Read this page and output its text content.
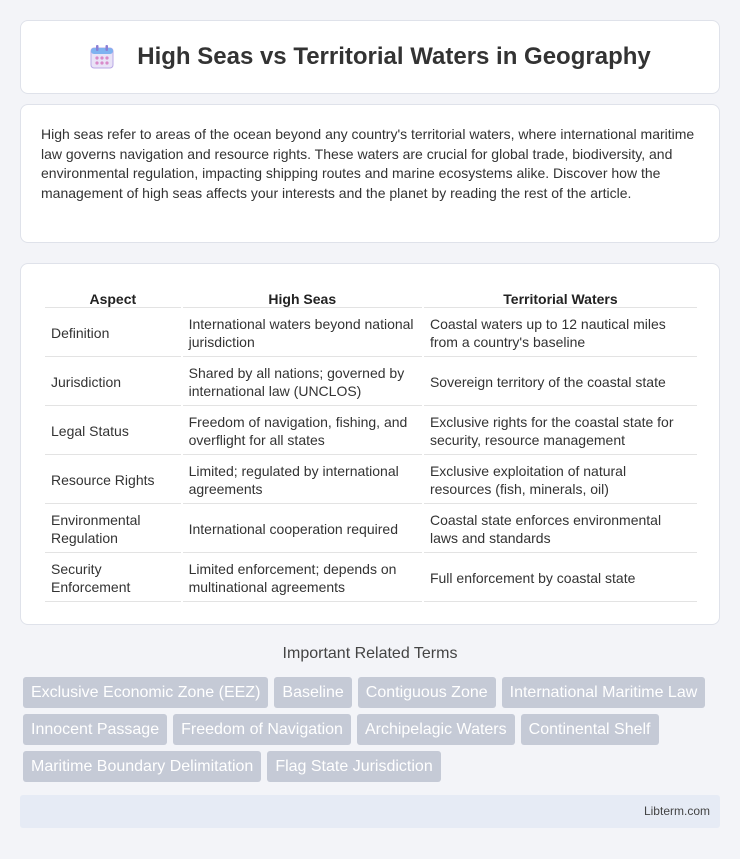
High Seas vs Territorial Waters in Geography

High seas refer to areas of the ocean beyond any country's territorial waters, where international maritime law governs navigation and resource rights. These waters are crucial for global trade, biodiversity, and environmental regulation, impacting shipping routes and marine ecosystems alike. Discover how the management of high seas affects your interests and the planet by reading the rest of the article.

Aspect	High Seas	Territorial Waters
Definition	International waters beyond national jurisdiction	Coastal waters up to 12 nautical miles from a country's baseline
Jurisdiction	Shared by all nations; governed by international law (UNCLOS)	Sovereign territory of the coastal state
Legal Status	Freedom of navigation, fishing, and overflight for all states	Exclusive rights for the coastal state for security, resource management
Resource Rights	Limited; regulated by international agreements	Exclusive exploitation of natural resources (fish, minerals, oil)
Environmental Regulation	International cooperation required	Coastal state enforces environmental laws and standards
Security Enforcement	Limited enforcement; depends on multinational agreements	Full enforcement by coastal state
Important Related Terms
Exclusive Economic Zone (EEZ)	Baseline	Contiguous Zone	International Maritime Law
Innocent Passage	Freedom of Navigation	Archipelagic Waters	Continental Shelf
Maritime Boundary Delimitation	Flag State Jurisdiction
Libterm.com
